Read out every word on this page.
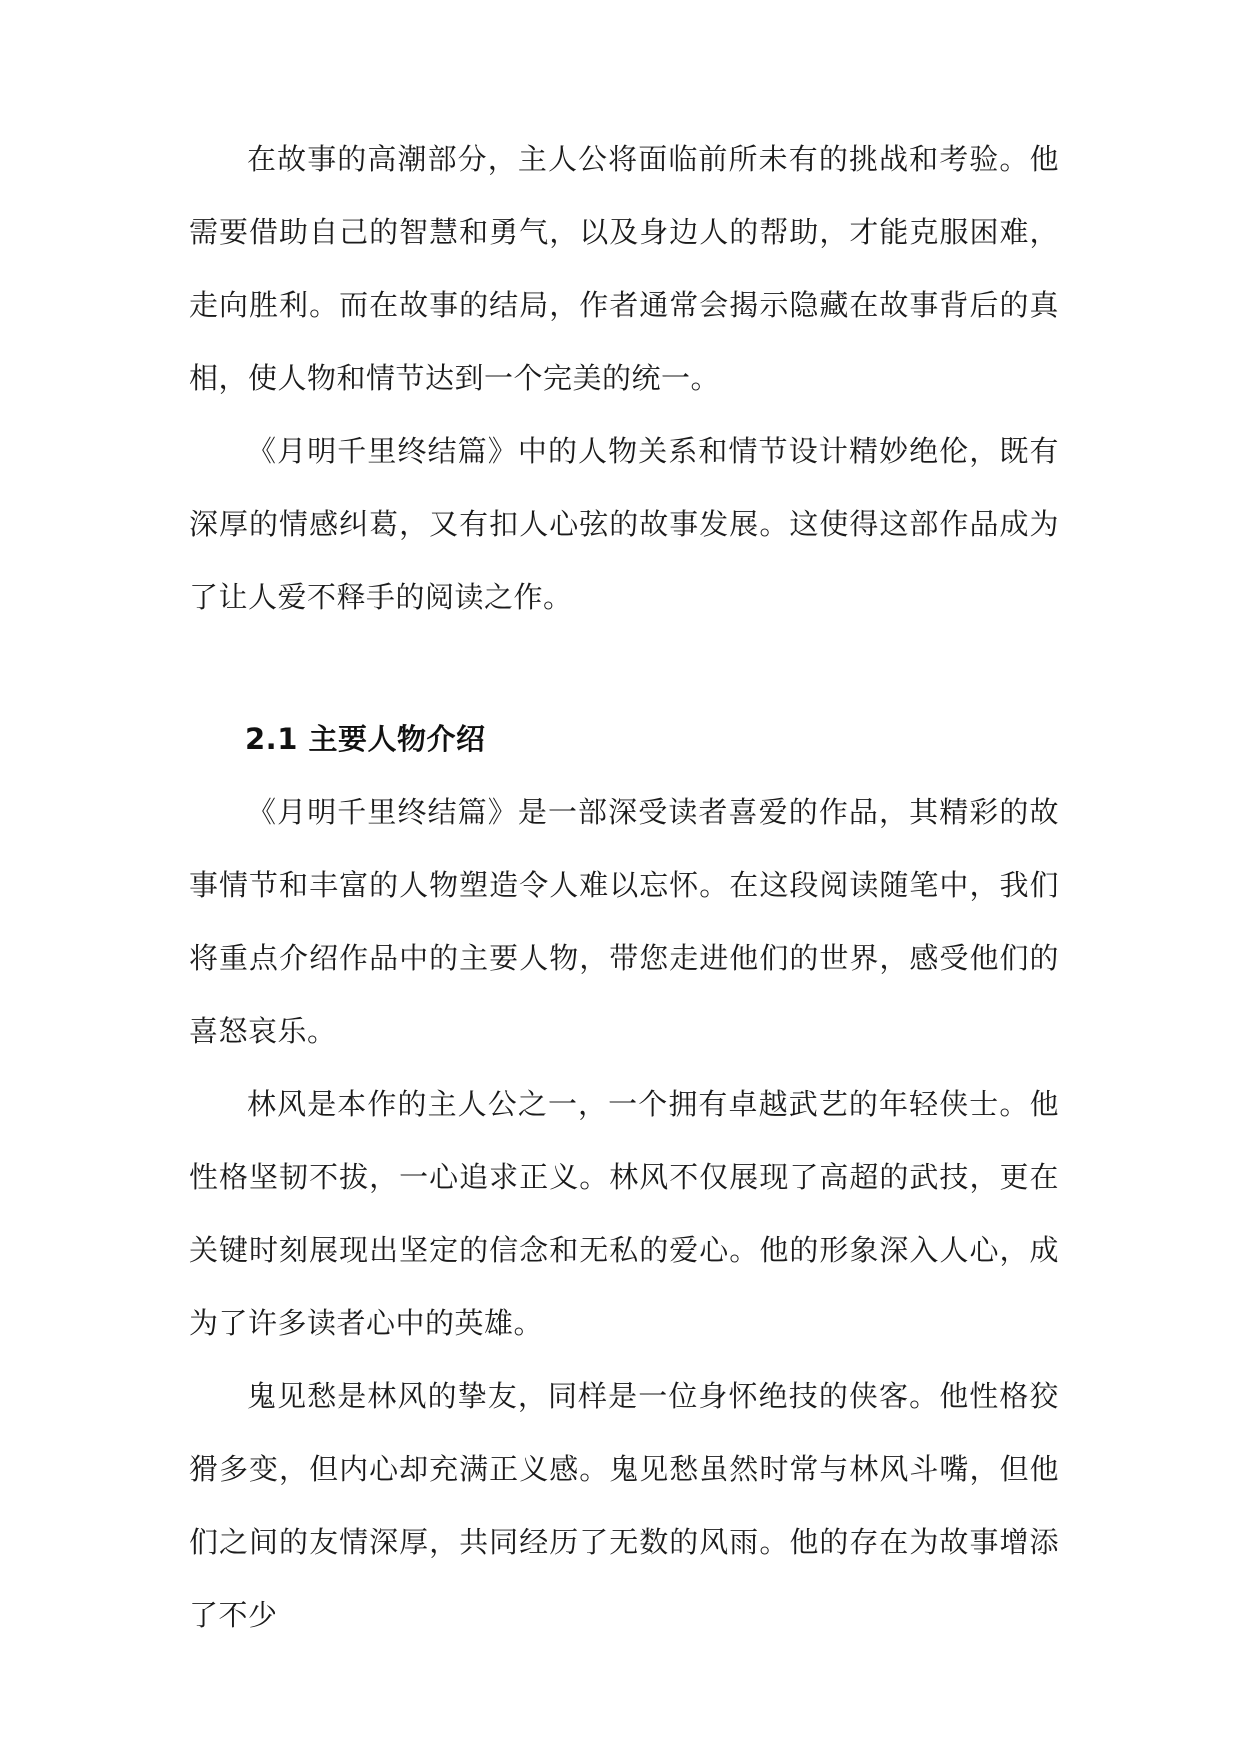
在故事的高潮部分，主人公将面临前所未有的挑战和考验。他需要借助自己的智慧和勇气，以及身边人的帮助，才能克服困难，走向胜利。而在故事的结局，作者通常会揭示隐藏在故事背后的真相，使人物和情节达到一个完美的统一。

《月明千里终结篇》中的人物关系和情节设计精妙绝伦，既有深厚的情感纠葛，又有扣人心弦的故事发展。这使得这部作品成为了让人爱不释手的阅读之作。

2.1 主要人物介绍

《月明千里终结篇》是一部深受读者喜爱的作品，其精彩的故事情节和丰富的人物塑造令人难以忘怀。在这段阅读随笔中，我们将重点介绍作品中的主要人物，带您走进他们的世界，感受他们的喜怒哀乐。

林风是本作的主人公之一，一个拥有卓越武艺的年轻侠士。他性格坚韧不拔，一心追求正义。林风不仅展现了高超的武技，更在关键时刻展现出坚定的信念和无私的爱心。他的形象深入人心，成为了许多读者心中的英雄。

鬼见愁是林风的挚友，同样是一位身怀绝技的侠客。他性格狡猾多变，但内心却充满正义感。鬼见愁虽然时常与林风斗嘴，但他们之间的友情深厚，共同经历了无数的风雨。他的存在为故事增添了不少
